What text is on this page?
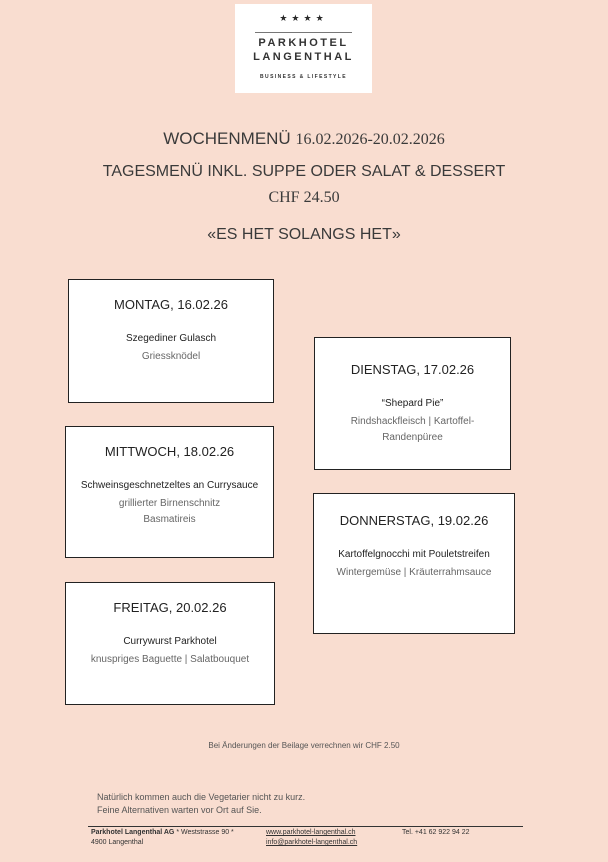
★★★★
PARKHOTEL
LANGENTHAL
BUSINESS & LIFESTYLE
WOCHENMENÜ 16.02.2026-20.02.2026
TAGESMENÜ INKL. SUPPE ODER SALAT & DESSERT
CHF 24.50
«ES HET SOLANGS HET»
MONTAG, 16.02.26
Szegediner Gulasch
Griessknödel
DIENSTAG, 17.02.26
“Shepard Pie”
Rindshackfleisch | Kartoffel-
Randenpüree
MITTWOCH, 18.02.26
Schweinsgeschnetzeltes an Currysauce
grillierter Birnenschnitz
Basmatireis	DONNERSTAG, 19.02.26
Kartoffelgnocchi mit Pouletstreifen
Wintergemüse | Kräuterrahmsauce
FREITAG, 20.02.26
Currywurst Parkhotel
knuspriges Baguette | Salatbouquet
Bei Änderungen der Beilage verrechnen wir CHF 2.50
Natürlich kommen auch die Vegetarier nicht zu kurz.
Feine Alternativen warten vor Ort auf Sie.
Parkhotel Langenthal AG * Weststrasse 90 *
4900 Langenthal
www.parkhotel-langenthal.ch
info@parkhotel-langenthal.ch
Tel. +41 62 922 94 22
